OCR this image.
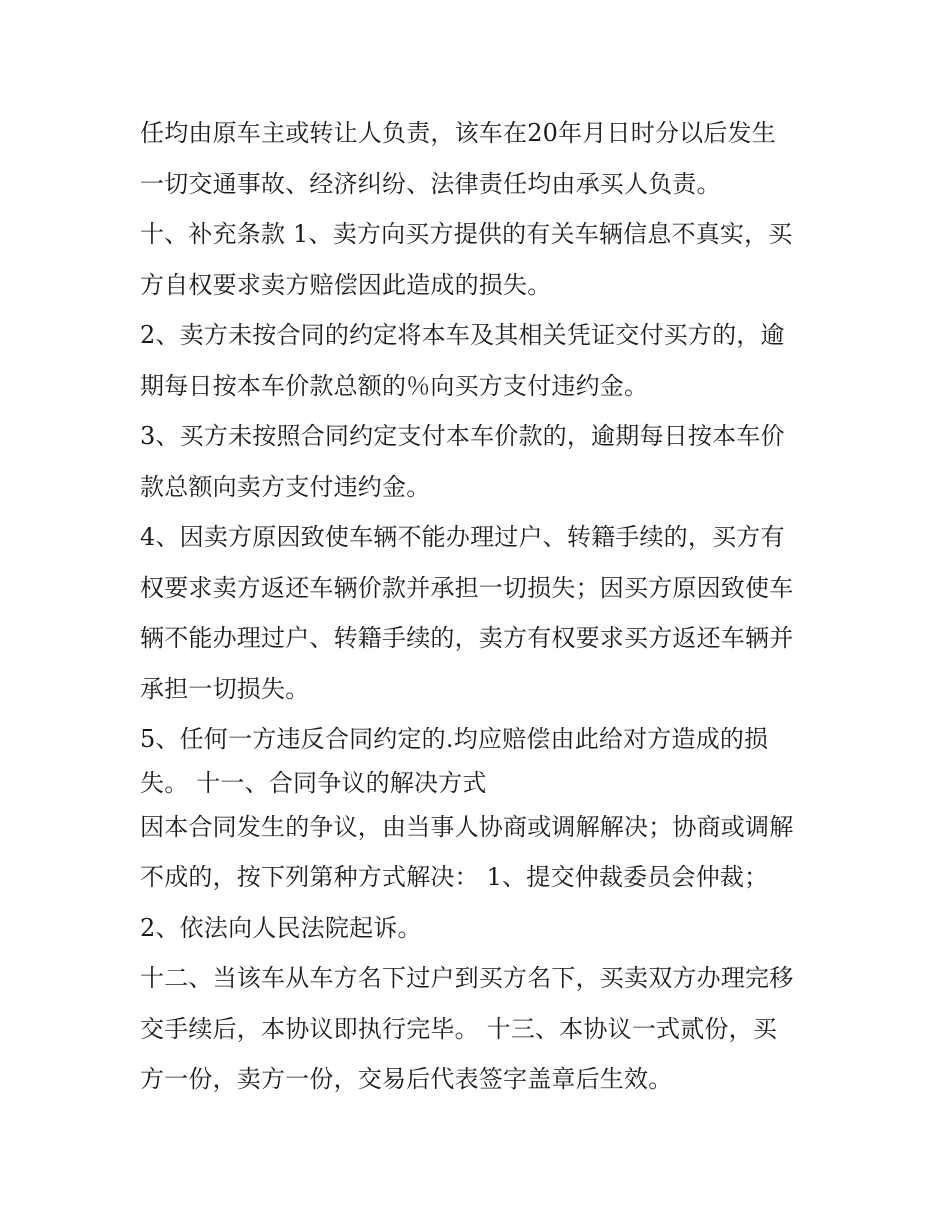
任均由原车主或转让人负责，该车在20年月日时分以后发生
一切交通事故、经济纠纷、法律责任均由承买人负责。
十、补充条款 1、卖方向买方提供的有关车辆信息不真实，买
方自权要求卖方赔偿因此造成的损失。
2、卖方未按合同的约定将本车及其相关凭证交付买方的，逾
期每日按本车价款总额的％向买方支付违约金。
3、买方未按照合同约定支付本车价款的，逾期每日按本车价
款总额向卖方支付违约金。
4、因卖方原因致使车辆不能办理过户、转籍手续的，买方有
权要求卖方返还车辆价款并承担一切损失；因买方原因致使车
辆不能办理过户、转籍手续的，卖方有权要求买方返还车辆并
承担一切损失。
5、任何一方违反合同约定的.均应赔偿由此给对方造成的损
失。 十一、合同争议的解决方式
因本合同发生的争议，由当事人协商或调解解决；协商或调解
不成的，按下列第种方式解决： 1、提交仲裁委员会仲裁；
2、依法向人民法院起诉。
十二、当该车从车方名下过户到买方名下，买卖双方办理完移
交手续后，本协议即执行完毕。 十三、本协议一式贰份，买
方一份，卖方一份，交易后代表签字盖章后生效。
